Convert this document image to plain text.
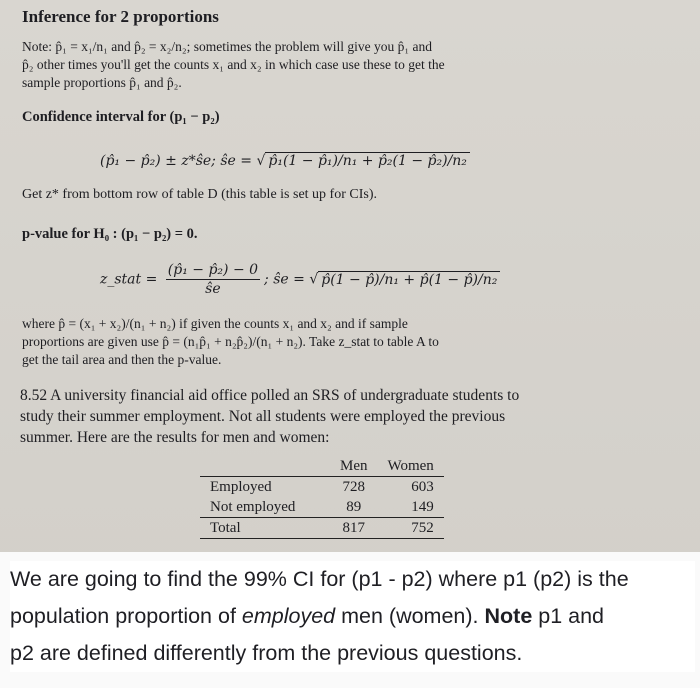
Inference for 2 proportions
Note: p̂₁ = x₁/n₁ and p̂₂ = x₂/n₂; sometimes the problem will give you p̂₁ and
p̂₂ other times you'll get the counts x₁ and x₂ in which case use these to get the
sample proportions p̂₁ and p̂₂.
Confidence interval for (p₁ − p₂)
(p̂₁ − p̂₂) ± z*ŝe; ŝe = √ p̂₁(1 − p̂₁)/n₁ + p̂₂(1 − p̂₂)/n₂
Get z* from bottom row of table D (this table is set up for CIs).
p-value for H₀ : (p₁ − p₂) = 0.
z_stat = $\frac{\text{(p̂₁ − p̂₂) − 0}}{ŝe}$ ; ŝe = √ p̂(1 − p̂)/n₁ + p̂(1 − p̂)/n₂
where p̂ = (x₁ + x₂)/(n₁ + n₂) if given the counts x₁ and x₂ and if sample
proportions are given use p̂ = (n₁p̂₁ + n₂p̂₂)/(n₁ + n₂). Take z_stat to table A to
get the tail area and then the p-value.
8.52 A university financial aid office polled an SRS of undergraduate students to
study their summer employment. Not all students were employed the previous
summer. Here are the results for men and women:
	Men	Women
Employed	728	603
Not employed	89	149
Total	817	752
We are going to find the 99% CI for (p1 - p2) where p1 (p2) is the
population proportion of employed men (women). Note p1 and
p2 are defined differently from the previous questions.
